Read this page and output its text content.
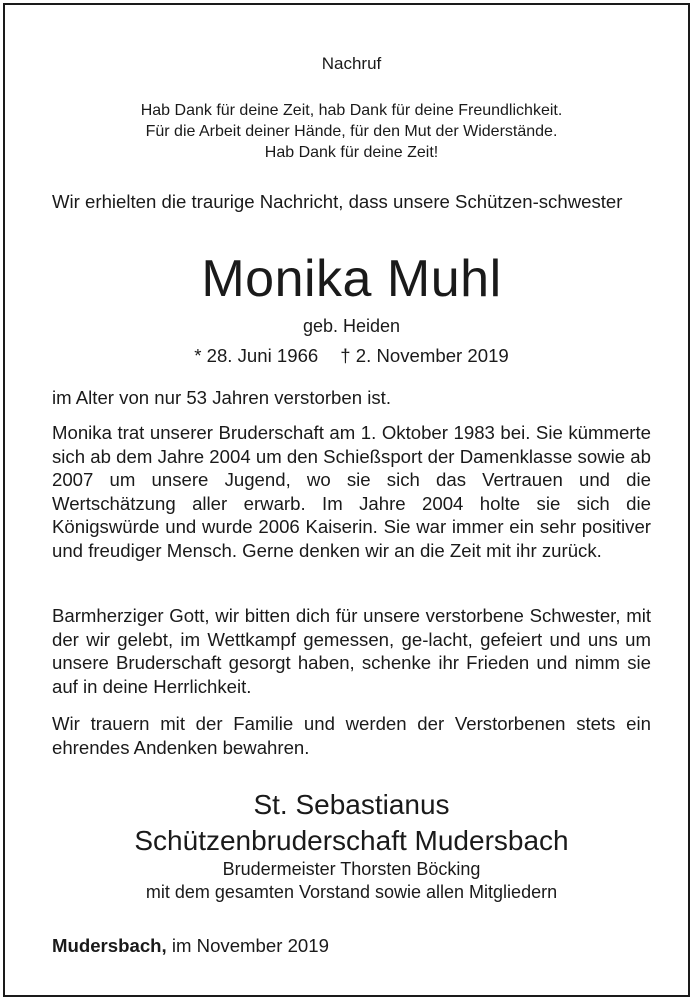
Nachruf
Hab Dank für deine Zeit, hab Dank für deine Freundlichkeit.
Für die Arbeit deiner Hände, für den Mut der Widerstände.
Hab Dank für deine Zeit!
Wir erhielten die traurige Nachricht, dass unsere Schützen-schwester
Monika Muhl
geb. Heiden
* 28. Juni 1966 † 2. November 2019
im Alter von nur 53 Jahren verstorben ist.
Monika trat unserer Bruderschaft am 1. Oktober 1983 bei. Sie kümmerte sich ab dem Jahre 2004 um den Schießsport der Damenklasse sowie ab 2007 um unsere Jugend, wo sie sich das Vertrauen und die Wertschätzung aller erwarb. Im Jahre 2004 holte sie sich die Königswürde und wurde 2006 Kaiserin. Sie war immer ein sehr positiver und freudiger Mensch. Gerne denken wir an die Zeit mit ihr zurück.
Barmherziger Gott, wir bitten dich für unsere verstorbene Schwester, mit der wir gelebt, im Wettkampf gemessen, ge-lacht, gefeiert und uns um unsere Bruderschaft gesorgt haben, schenke ihr Frieden und nimm sie auf in deine Herrlichkeit.
Wir trauern mit der Familie und werden der Verstorbenen stets ein ehrendes Andenken bewahren.
St. Sebastianus
Schützenbruderschaft Mudersbach
Brudermeister Thorsten Böcking
mit dem gesamten Vorstand sowie allen Mitgliedern
Mudersbach, im November 2019
